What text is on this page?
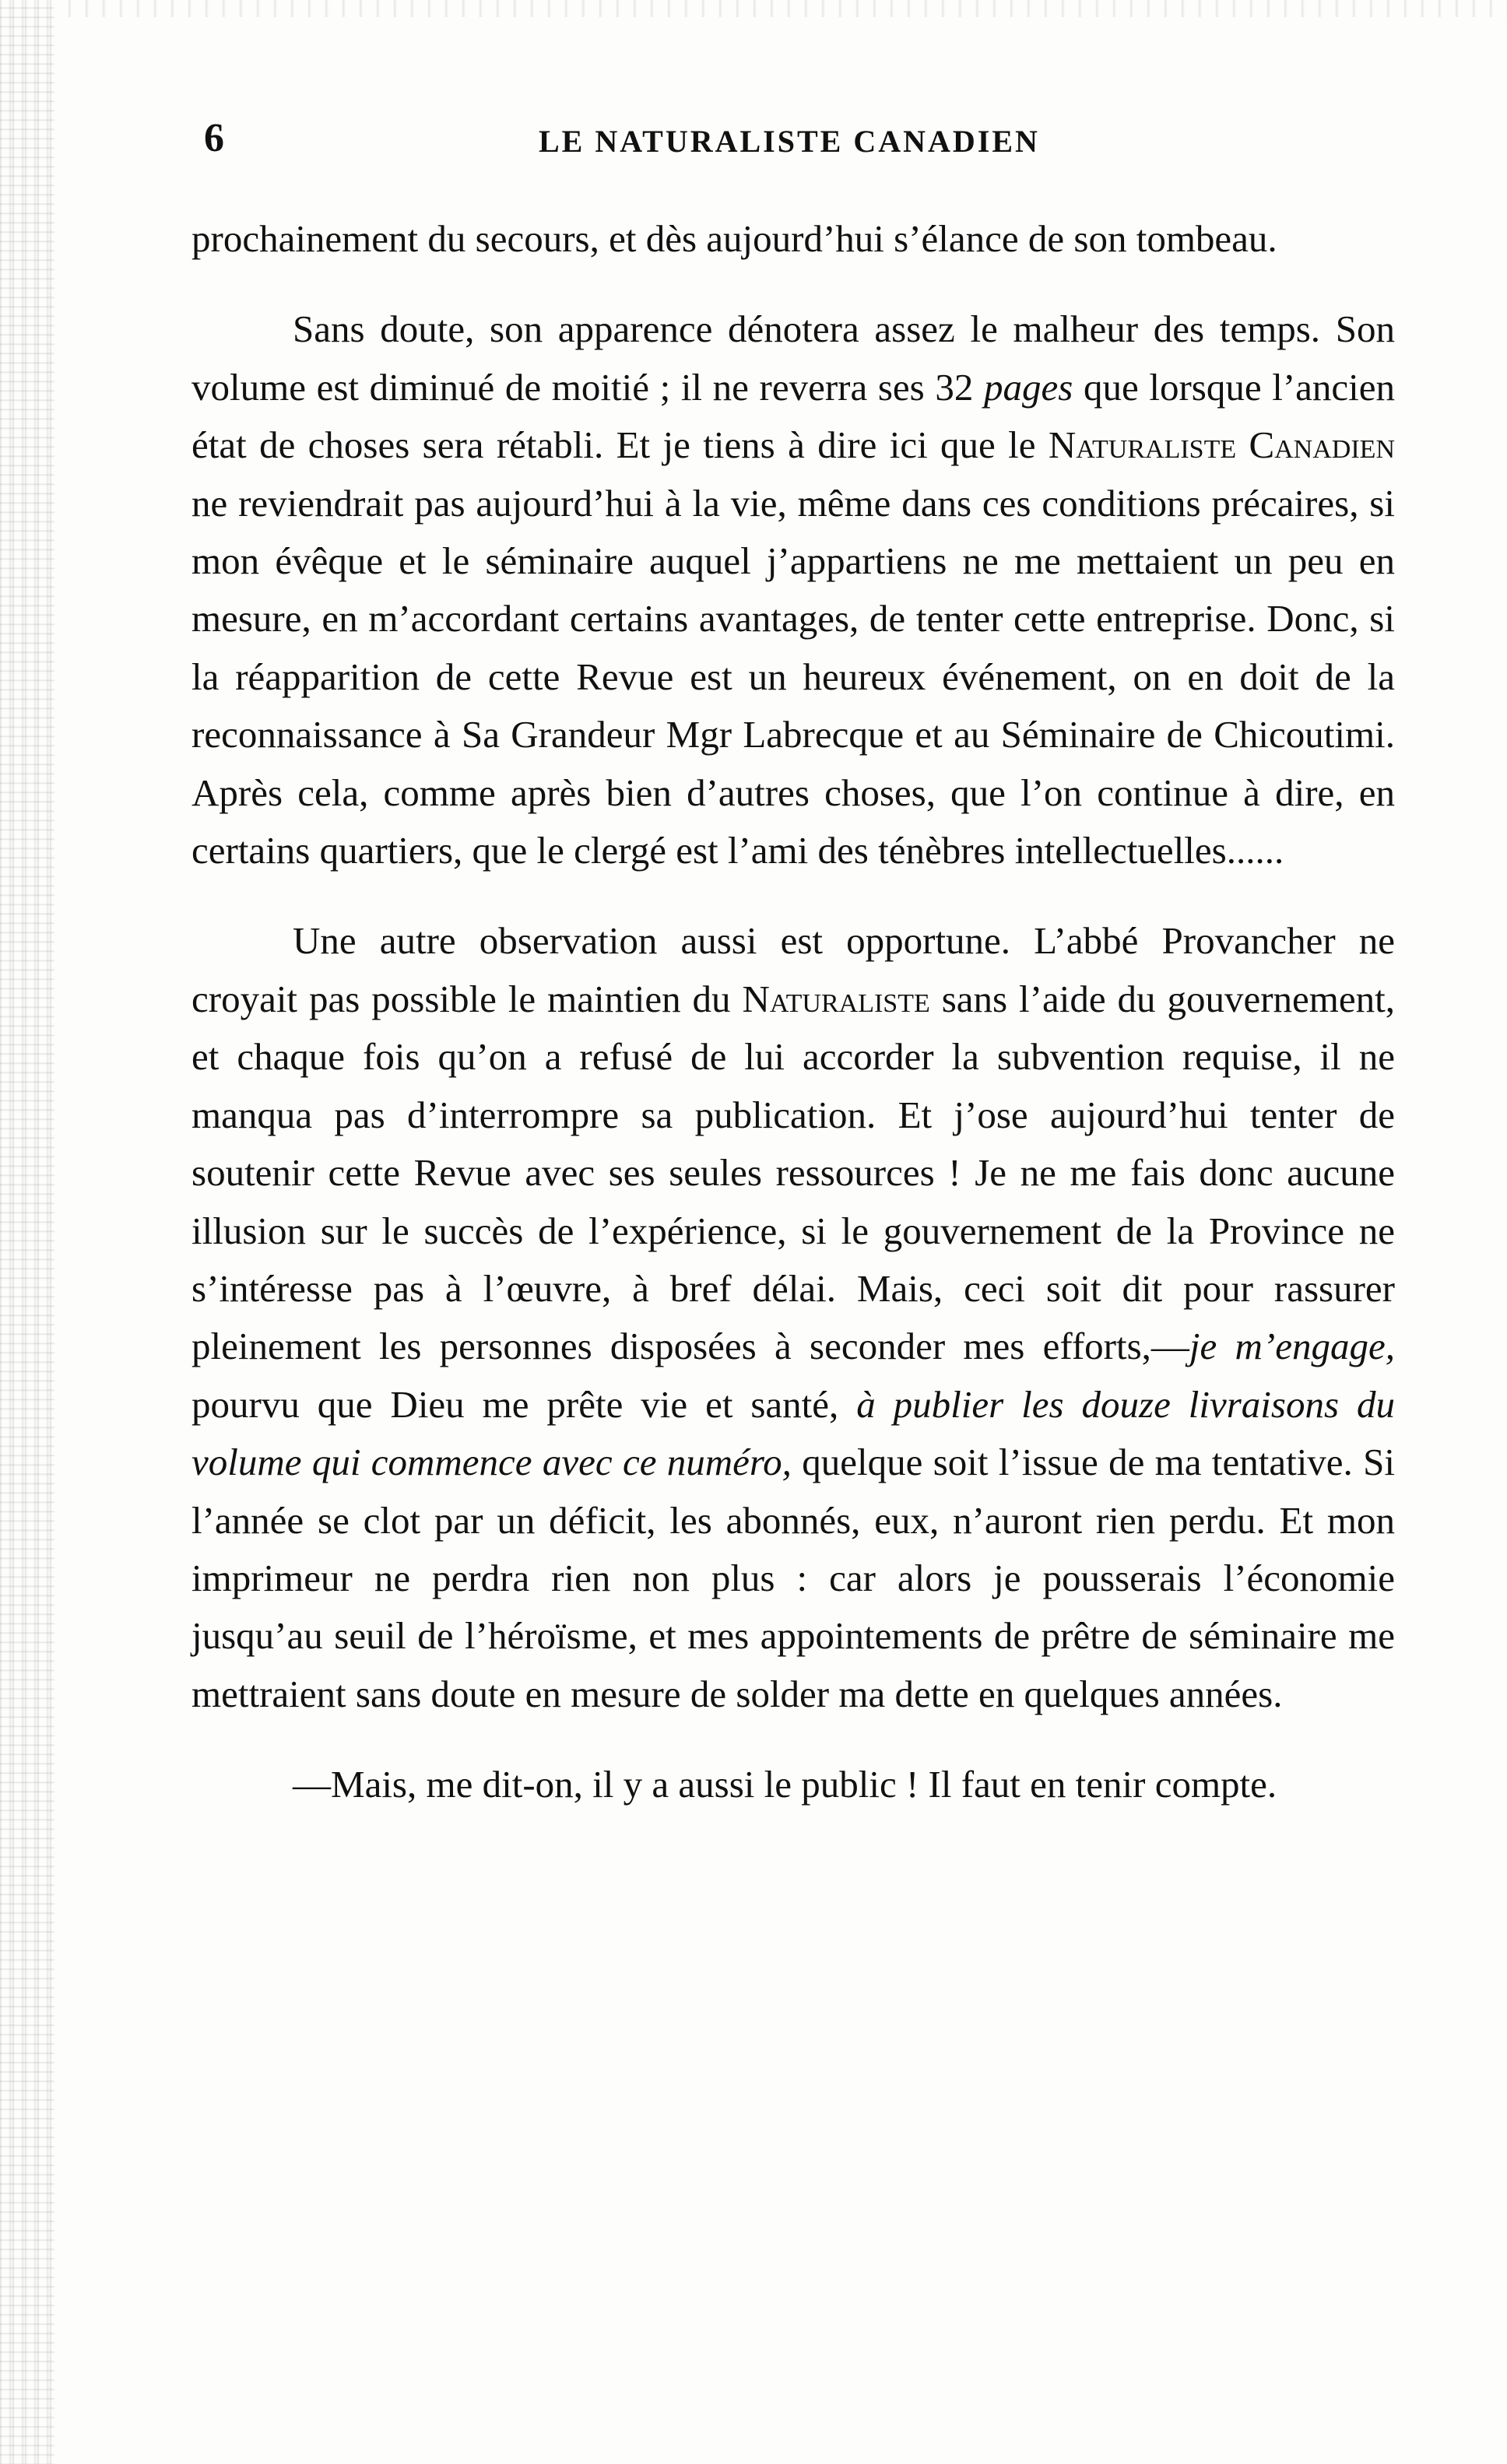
6	LE NATURALISTE CANADIEN

prochainement du secours, et dès aujourd’hui s’élance de son tombeau.

Sans doute, son apparence dénotera assez le malheur des temps. Son volume est diminué de moitié ; il ne reverra ses 32 pages que lorsque l’ancien état de choses sera rétabli. Et je tiens à dire ici que le Naturaliste Canadien ne reviendrait pas aujourd’hui à la vie, même dans ces conditions précaires, si mon évêque et le séminaire auquel j’appartiens ne me mettaient un peu en mesure, en m’accordant certains avantages, de tenter cette entreprise. Donc, si la réapparition de cette Revue est un heureux événement, on en doit de la reconnaissance à Sa Grandeur Mgr Labrecque et au Séminaire de Chicoutimi. Après cela, comme après bien d’autres choses, que l’on continue à dire, en certains quartiers, que le clergé est l’ami des ténèbres intellectuelles......

Une autre observation aussi est opportune. L’abbé Provancher ne croyait pas possible le maintien du Naturaliste sans l’aide du gouvernement, et chaque fois qu’on a refusé de lui accorder la subvention requise, il ne manqua pas d’interrompre sa publication. Et j’ose aujourd’hui tenter de soutenir cette Revue avec ses seules ressources ! Je ne me fais donc aucune illusion sur le succès de l’expérience, si le gouvernement de la Province ne s’intéresse pas à l’œuvre, à bref délai. Mais, ceci soit dit pour rassurer pleinement les personnes disposées à seconder mes efforts,—je m’engage, pourvu que Dieu me prête vie et santé, à publier les douze livraisons du volume qui commence avec ce numéro, quelque soit l’issue de ma tentative. Si l’année se clot par un déficit, les abonnés, eux, n’auront rien perdu. Et mon imprimeur ne perdra rien non plus : car alors je pousserais l’économie jusqu’au seuil de l’héroïsme, et mes appointements de prêtre de séminaire me mettraient sans doute en mesure de solder ma dette en quelques années.

—Mais, me dit-on, il y a aussi le public ! Il faut en tenir compte.
